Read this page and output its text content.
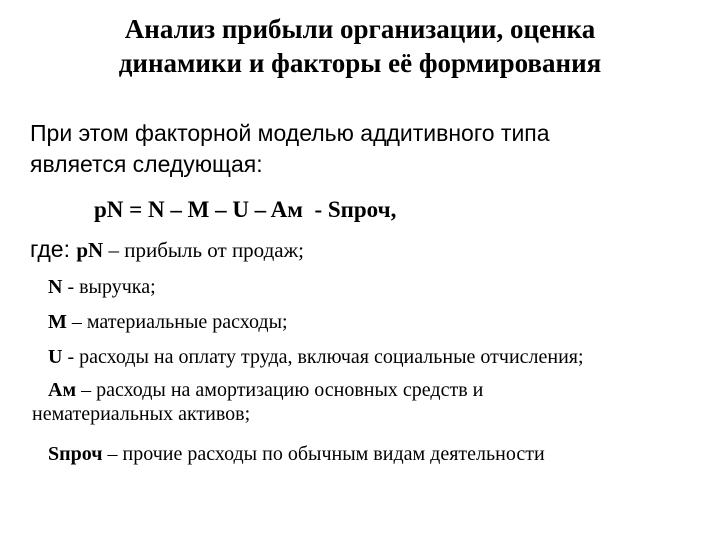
Анализ прибыли организации, оценка
динамики и факторы её формирования
При этом факторной моделью аддитивного типа
является следующая:
pN = N – M – U – Aм  - Sпроч,
где: pN – прибыль от продаж;
N - выручка;
M – материальные расходы;
U - расходы на оплату труда, включая социальные отчисления;
Aм – расходы на амортизацию основных средств и
нематериальных активов;
Sпроч – прочие расходы по обычным видам деятельности
